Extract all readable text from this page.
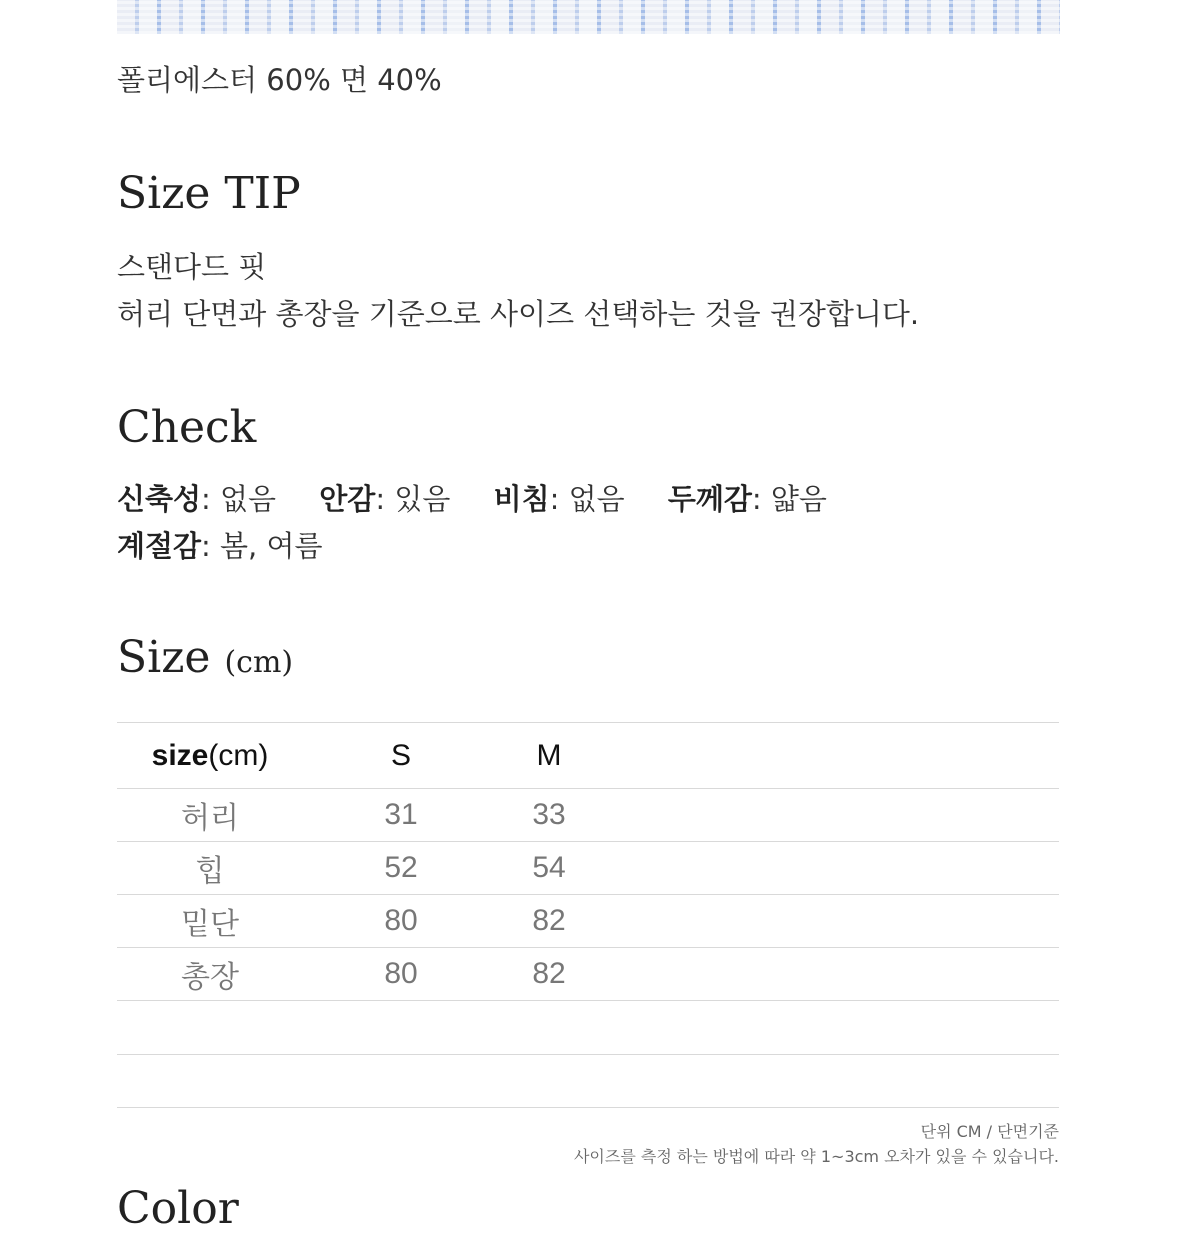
폴리에스터 60% 면 40%
Size TIP
스탠다드 핏
허리 단면과 총장을 기준으로 사이즈 선택하는 것을 권장합니다.
Check
신축성: 없음 안감: 있음 비침: 없음 두께감: 얇음
계절감: 봄, 여름
Size (cm)
size(cm)	S	M	
허리	31	33	
힙	52	54	
밑단	80	82	
총장	80	82	
단위 CM / 단면기준
사이즈를 측정 하는 방법에 따라 약 1~3cm 오차가 있을 수 있습니다.
Color
